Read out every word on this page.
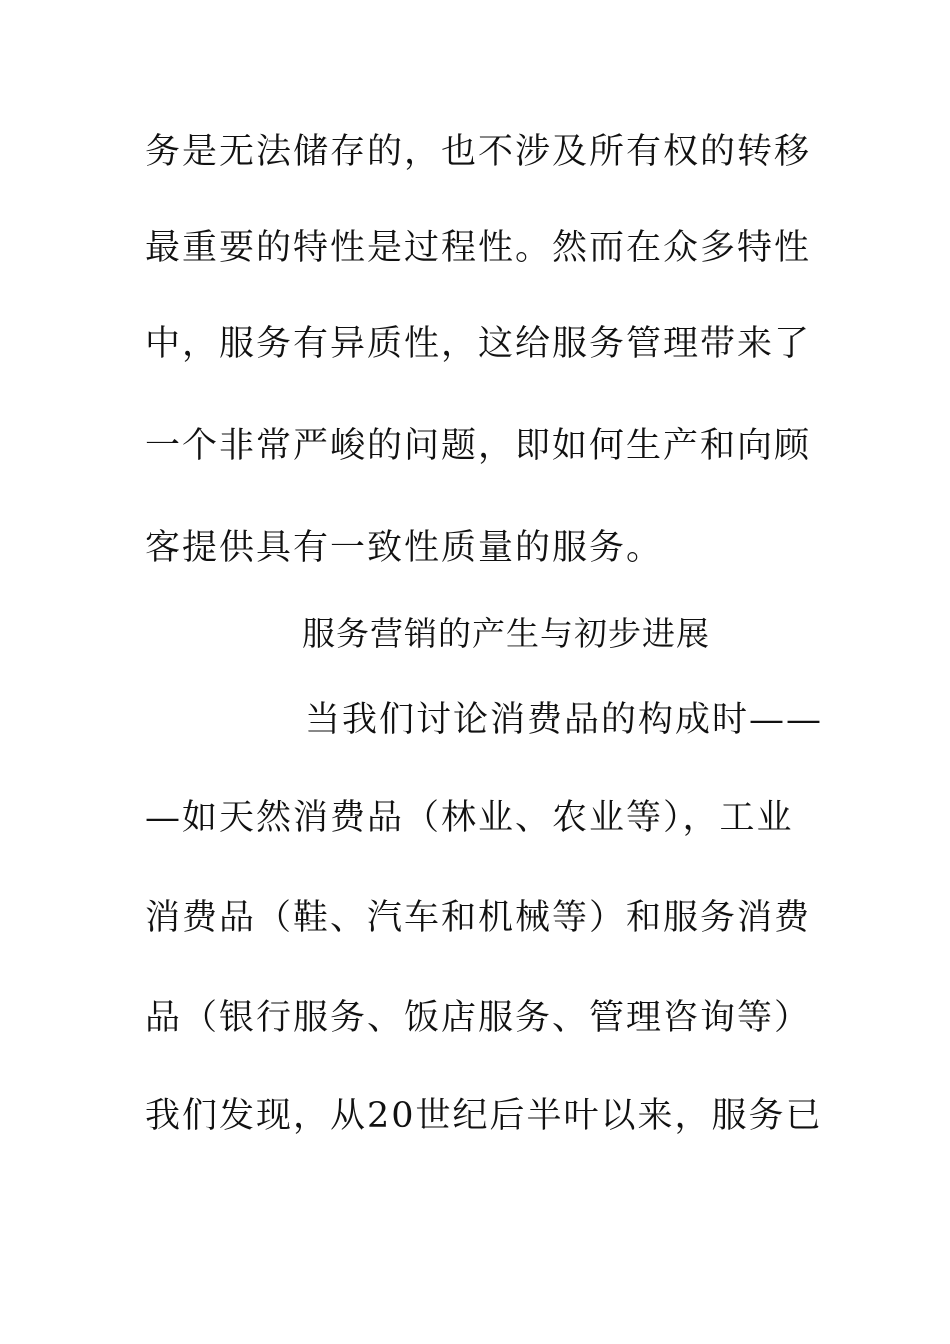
务是无法储存的，也不涉及所有权的转移
最重要的特性是过程性。然而在众多特性
中，服务有异质性，这给服务管理带来了
一个非常严峻的问题，即如何生产和向顾
客提供具有一致性质量的服务。
服务营销的产生与初步进展
当我们讨论消费品的构成时——
—如天然消费品（林业、农业等），工业
消费品（鞋、汽车和机械等）和服务消费
品（银行服务、饭店服务、管理咨询等）
我们发现，从20世纪后半叶以来，服务已
